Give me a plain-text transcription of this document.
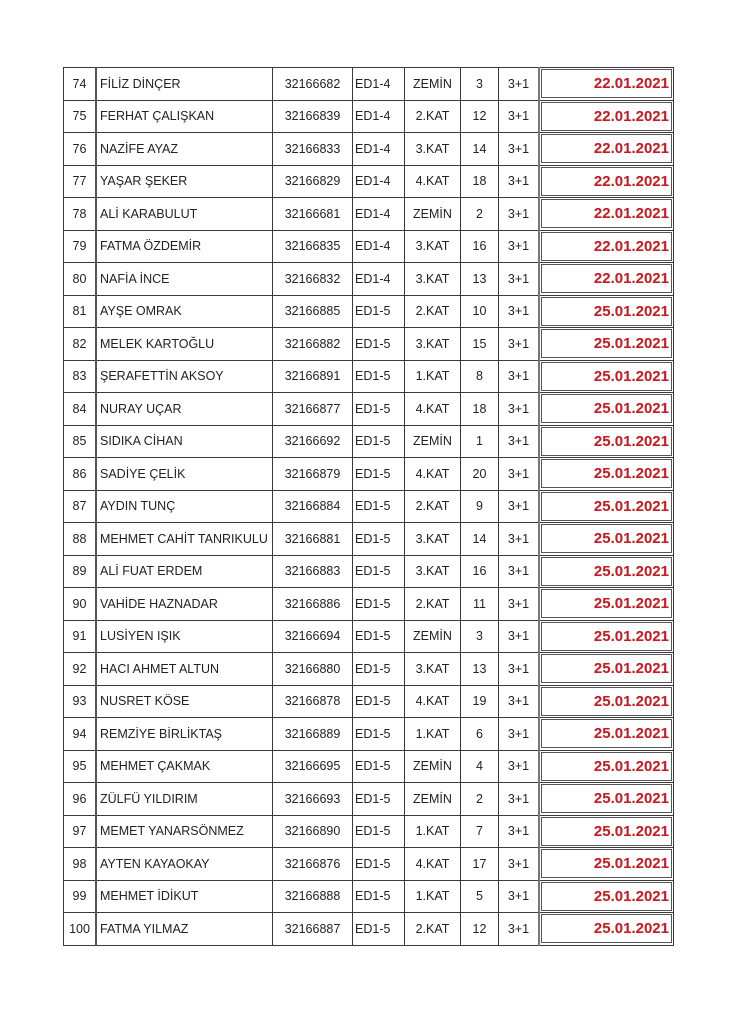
74	FİLİZ DİNÇER	32166682	ED1-4	ZEMİN	3	3+1	22.01.2021

75	FERHAT ÇALIŞKAN	32166839	ED1-4	2.KAT	12	3+1	22.01.2021

76	NAZİFE AYAZ	32166833	ED1-4	3.KAT	14	3+1	22.01.2021

77	YAŞAR ŞEKER	32166829	ED1-4	4.KAT	18	3+1	22.01.2021

78	ALİ KARABULUT	32166681	ED1-4	ZEMİN	2	3+1	22.01.2021

79	FATMA ÖZDEMİR	32166835	ED1-4	3.KAT	16	3+1	22.01.2021

80	NAFİA İNCE	32166832	ED1-4	3.KAT	13	3+1	22.01.2021

81	AYŞE OMRAK	32166885	ED1-5	2.KAT	10	3+1	25.01.2021

82	MELEK KARTOĞLU	32166882	ED1-5	3.KAT	15	3+1	25.01.2021

83	ŞERAFETTİN AKSOY	32166891	ED1-5	1.KAT	8	3+1	25.01.2021

84	NURAY UÇAR	32166877	ED1-5	4.KAT	18	3+1	25.01.2021

85	SIDIKA CİHAN	32166692	ED1-5	ZEMİN	1	3+1	25.01.2021

86	SADİYE ÇELİK	32166879	ED1-5	4.KAT	20	3+1	25.01.2021

87	AYDIN TUNÇ	32166884	ED1-5	2.KAT	9	3+1	25.01.2021

88	MEHMET CAHİT TANRIKULU	32166881	ED1-5	3.KAT	14	3+1	25.01.2021

89	ALİ FUAT ERDEM	32166883	ED1-5	3.KAT	16	3+1	25.01.2021

90	VAHİDE HAZNADAR	32166886	ED1-5	2.KAT	11	3+1	25.01.2021

91	LUSİYEN IŞIK	32166694	ED1-5	ZEMİN	3	3+1	25.01.2021

92	HACI AHMET ALTUN	32166880	ED1-5	3.KAT	13	3+1	25.01.2021

93	NUSRET KÖSE	32166878	ED1-5	4.KAT	19	3+1	25.01.2021

94	REMZİYE BİRLİKTAŞ	32166889	ED1-5	1.KAT	6	3+1	25.01.2021

95	MEHMET ÇAKMAK	32166695	ED1-5	ZEMİN	4	3+1	25.01.2021

96	ZÜLFÜ YILDIRIM	32166693	ED1-5	ZEMİN	2	3+1	25.01.2021

97	MEMET YANARSÖNMEZ	32166890	ED1-5	1.KAT	7	3+1	25.01.2021

98	AYTEN KAYAOKAY	32166876	ED1-5	4.KAT	17	3+1	25.01.2021

99	MEHMET İDİKUT	32166888	ED1-5	1.KAT	5	3+1	25.01.2021

100	FATMA YILMAZ	32166887	ED1-5	2.KAT	12	3+1	25.01.2021
